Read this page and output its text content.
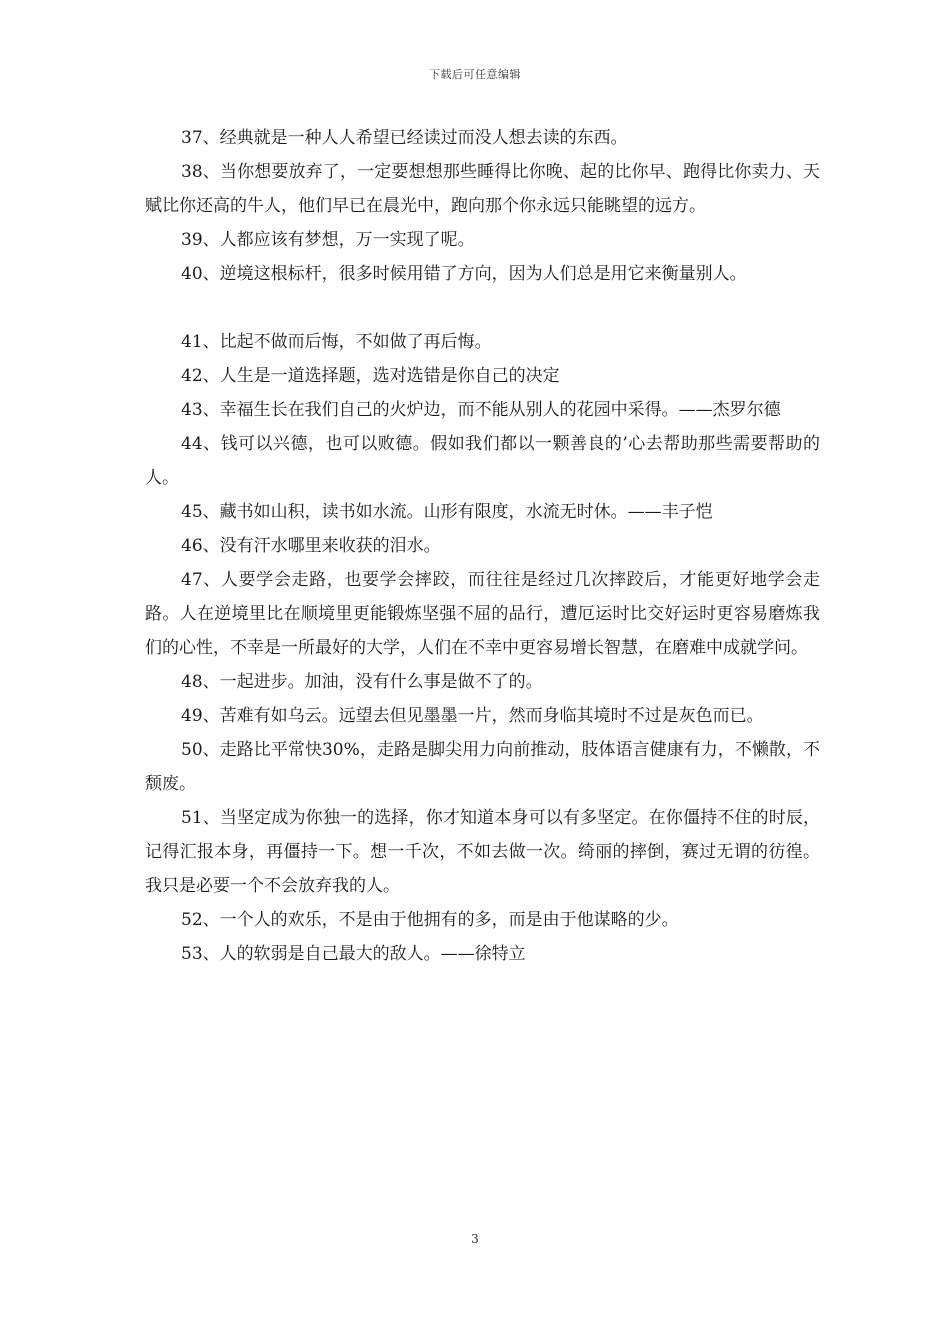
下载后可任意编辑

37、经典就是一种人人希望已经读过而没人想去读的东西。

38、当你想要放弃了，一定要想想那些睡得比你晚、起的比你早、跑得比你卖力、天赋比你还高的牛人，他们早已在晨光中，跑向那个你永远只能眺望的远方。

39、人都应该有梦想，万一实现了呢。

40、逆境这根标杆，很多时候用错了方向，因为人们总是用它来衡量别人。

41、比起不做而后悔，不如做了再后悔。

42、人生是一道选择题，选对选错是你自己的决定

43、幸福生长在我们自己的火炉边，而不能从别人的花园中采得。——杰罗尔德

44、钱可以兴德，也可以败德。假如我们都以一颗善良的’心去帮助那些需要帮助的人。

45、藏书如山积，读书如水流。山形有限度，水流无时休。——丰子恺

46、没有汗水哪里来收获的泪水。

47、人要学会走路，也要学会摔跤，而往往是经过几次摔跤后，才能更好地学会走路。人在逆境里比在顺境里更能锻炼坚强不屈的品行，遭厄运时比交好运时更容易磨炼我们的心性，不幸是一所最好的大学，人们在不幸中更容易增长智慧，在磨难中成就学问。

48、一起进步。加油，没有什么事是做不了的。

49、苦难有如乌云。远望去但见墨墨一片，然而身临其境时不过是灰色而已。

50、走路比平常快30%，走路是脚尖用力向前推动，肢体语言健康有力，不懒散，不颓废。

51、当坚定成为你独一的选择，你才知道本身可以有多坚定。在你僵持不住的时辰，记得汇报本身，再僵持一下。想一千次，不如去做一次。绮丽的摔倒，赛过无谓的彷徨。我只是必要一个不会放弃我的人。

52、一个人的欢乐，不是由于他拥有的多，而是由于他谋略的少。

53、人的软弱是自己最大的敌人。——徐特立

3
